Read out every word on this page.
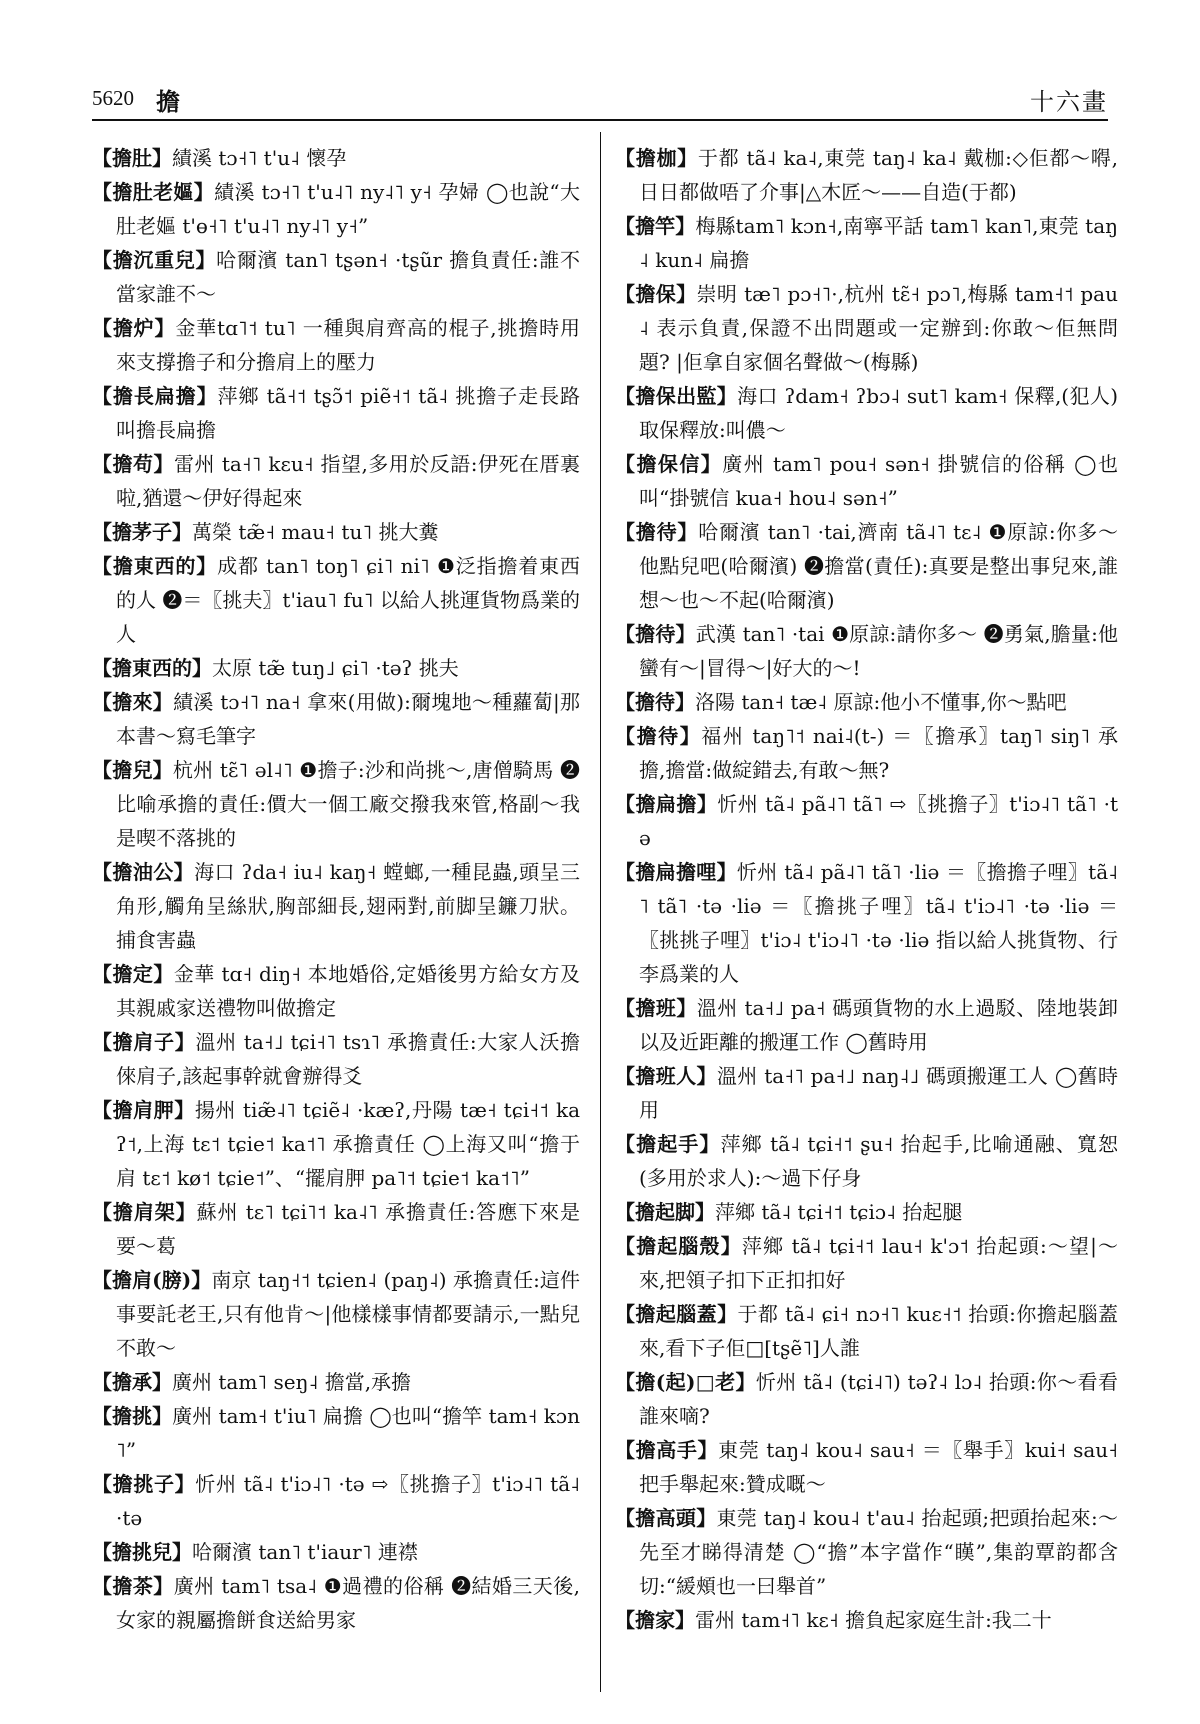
5620 擔	十六畫
【擔肚】績溪 tɔ˧˥ t'u˨ 懷孕
【擔肚老嫗】績溪 tɔ˧˥ t'u˨˥ ny˨˥ y˧ 孕婦 ◯也說“大肚老嫗 t'ɵ˧˥ t'u˨˥ ny˨˥ y˧”
【擔沉重兒】哈爾濱 tan˥ tʂən˧ ·tʂũr 擔負責任:誰不當家誰不～
【擔炉】金華tɑ˥˦ tu˥ 一種與肩齊高的棍子,挑擔時用來支撐擔子和分擔肩上的壓力
【擔長扁擔】萍鄉 tã˧˦ tʂɔ̃˦ piẽ˧˦ tã˨ 挑擔子走長路叫擔長扁擔
【擔苟】雷州 ta˧˥ kɛu˧ 指望,多用於反語:伊死在厝裏啦,猶還～伊好得起來
【擔茅子】萬榮 tæ̃˧ mau˧ tu˥ 挑大糞
【擔東西的】成都 tan˥ toŋ˥ ɕi˥ ni˥ ❶泛指擔着東西的人 ❷＝〖挑夫〗t'iau˥ fu˥ 以給人挑運貨物爲業的人
【擔東西的】太原 tæ̃ tuŋ˩ ɕi˥ ·təʔ 挑夫
【擔來】績溪 tɔ˧˥ na˧ 拿來(用做):爾塊地～種蘿蔔|那本書～寫毛筆字
【擔兒】杭州 tɛ̃˥ əl˨˥ ❶擔子:沙和尚挑～,唐僧騎馬 ❷比喻承擔的責任:價大一個工廠交撥我來管,格副～我是喫不落挑的
【擔油公】海口 ʔda˧ iu˨ kaŋ˧ 螳螂,一種昆蟲,頭呈三角形,觸角呈絲狀,胸部細長,翅兩對,前脚呈鐮刀狀。捕食害蟲
【擔定】金華 tɑ˧ diŋ˧ 本地婚俗,定婚後男方給女方及其親戚家送禮物叫做擔定
【擔肩子】溫州 ta˧˩ tɕi˧˥ tsɿ˥ 承擔責任:大家人沃擔倈肩子,該起事幹就會辦得爻
【擔肩胛】揚州 tiæ̃˨˥ tɕiẽ˨ ·kæʔ,丹陽 tæ˧ tɕi˧˦ kaʔ˦,上海 tɛ˦ tɕie˦ ka˦˥ 承擔責任 ◯上海又叫“擔于肩 tɛ˦ kø˦ tɕie˦”、“擺肩胛 pa˥˦ tɕie˦ ka˦˥”
【擔肩架】蘇州 tɛ˥ tɕi˥˦ ka˨˥ 承擔責任:答應下來是要～葛
【擔肩(膀)】南京 taŋ˧˦ tɕien˨ (paŋ˨) 承擔責任:這件事要託老王,只有他肯～|他樣樣事情都要請示,一點兒不敢～
【擔承】廣州 tam˥ seŋ˨ 擔當,承擔
【擔挑】廣州 tam˧ t'iu˥ 扁擔 ◯也叫“擔竿 tam˧ kɔn˥”
【擔挑子】忻州 tã˨ t'iɔ˨˥ ·tə ⇨〖挑擔子〗t'iɔ˨˥ tã˨ ·tə
【擔挑兒】哈爾濱 tan˥ t'iaur˥ 連襟
【擔茶】廣州 tam˥ tsa˨ ❶過禮的俗稱 ❷結婚三天後,女家的親屬擔餅食送給男家
【擔枷】于都 tã˨ ka˨,東莞 taŋ˨ ka˨ 戴枷:◇佢都～嘚,日日都做唔了介事|△木匠～——自造(于都)
【擔竿】梅縣tam˥ kɔn˧,南寧平話 tam˥ kan˥,東莞 taŋ˨ kun˨ 扁擔
【擔保】崇明 tæ˥ pɔ˧˥·,杭州 tɛ̃˧ pɔ˥,梅縣 tam˧˦ pau˨ 表示負責,保證不出問題或一定辦到:你敢～佢無問題? |佢拿自家個名聲做～(梅縣)
【擔保出監】海口 ʔdam˧ ʔbɔ˨ sut˥ kam˧ 保釋,(犯人)取保釋放:叫儂～
【擔保信】廣州 tam˥ pou˧ sən˧ 掛號信的俗稱 ◯也叫“掛號信 kua˧ hou˨ sən˧”
【擔待】哈爾濱 tan˥ ·tai,濟南 tã˨˥ tɛ˨ ❶原諒:你多～他點兒吧(哈爾濱) ❷擔當(責任):真要是整出事兒來,誰想～也～不起(哈爾濱)
【擔待】武漢 tan˥ ·tai ❶原諒:請你多～ ❷勇氣,膽量:他蠻有～|冒得～|好大的～!
【擔待】洛陽 tan˧ tæ˨ 原諒:他小不懂事,你～點吧
【擔待】福州 taŋ˥˦ nai˨(t-) ＝〖擔承〗taŋ˥ siŋ˥ 承擔,擔當:做綻錯去,有敢～無?
【擔扁擔】忻州 tã˨ pã˨˥ tã˥ ⇨〖挑擔子〗t'iɔ˨˥ tã˥ ·tə
【擔扁擔哩】忻州 tã˨ pã˨˥ tã˥ ·liə ＝〖擔擔子哩〗tã˨˥ tã˥ ·tə ·liə ＝〖擔挑子哩〗tã˨ t'iɔ˨˥ ·tə ·liə ＝〖挑挑子哩〗t'iɔ˨ t'iɔ˨˥ ·tə ·liə 指以給人挑貨物、行李爲業的人
【擔班】溫州 ta˧˩ pa˧ 碼頭貨物的水上過駁、陸地裝卸以及近距離的搬運工作 ◯舊時用
【擔班人】溫州 ta˧˥ pa˧˩ naŋ˨˩ 碼頭搬運工人 ◯舊時用
【擔起手】萍鄉 tã˨ tɕi˧˦ ʂu˧ 抬起手,比喻通融、寬恕(多用於求人):～過下仔身
【擔起脚】萍鄉 tã˨ tɕi˧˦ tɕiɔ˨ 抬起腿
【擔起腦殼】萍鄉 tã˨ tɕi˧˦ lau˧ k'ɔ˦ 抬起頭:～望|～來,把領子扣下正扣扣好
【擔起腦蓋】于都 tã˨ ɕi˧ nɔ˧˥ kuɛ˧˦ 抬頭:你擔起腦蓋來,看下子佢□[tʂẽ˥]人誰
【擔(起)□老】忻州 tã˨ (tɕi˨˥) təʔ˨ lɔ˨ 抬頭:你～看看誰來嘀?
【擔高手】東莞 taŋ˨ kou˨ sau˧ ＝〖舉手〗kui˧ sau˧ 把手舉起來:贊成嘅～
【擔高頭】東莞 taŋ˨ kou˨ t'au˨ 抬起頭;把頭抬起來:～先至才睇得清楚 ◯“擔”本字當作“䁧”,集韵覃韵都含切:“緩頰也一曰舉首”
【擔家】雷州 tam˧˥ kɛ˧ 擔負起家庭生計:我二十
